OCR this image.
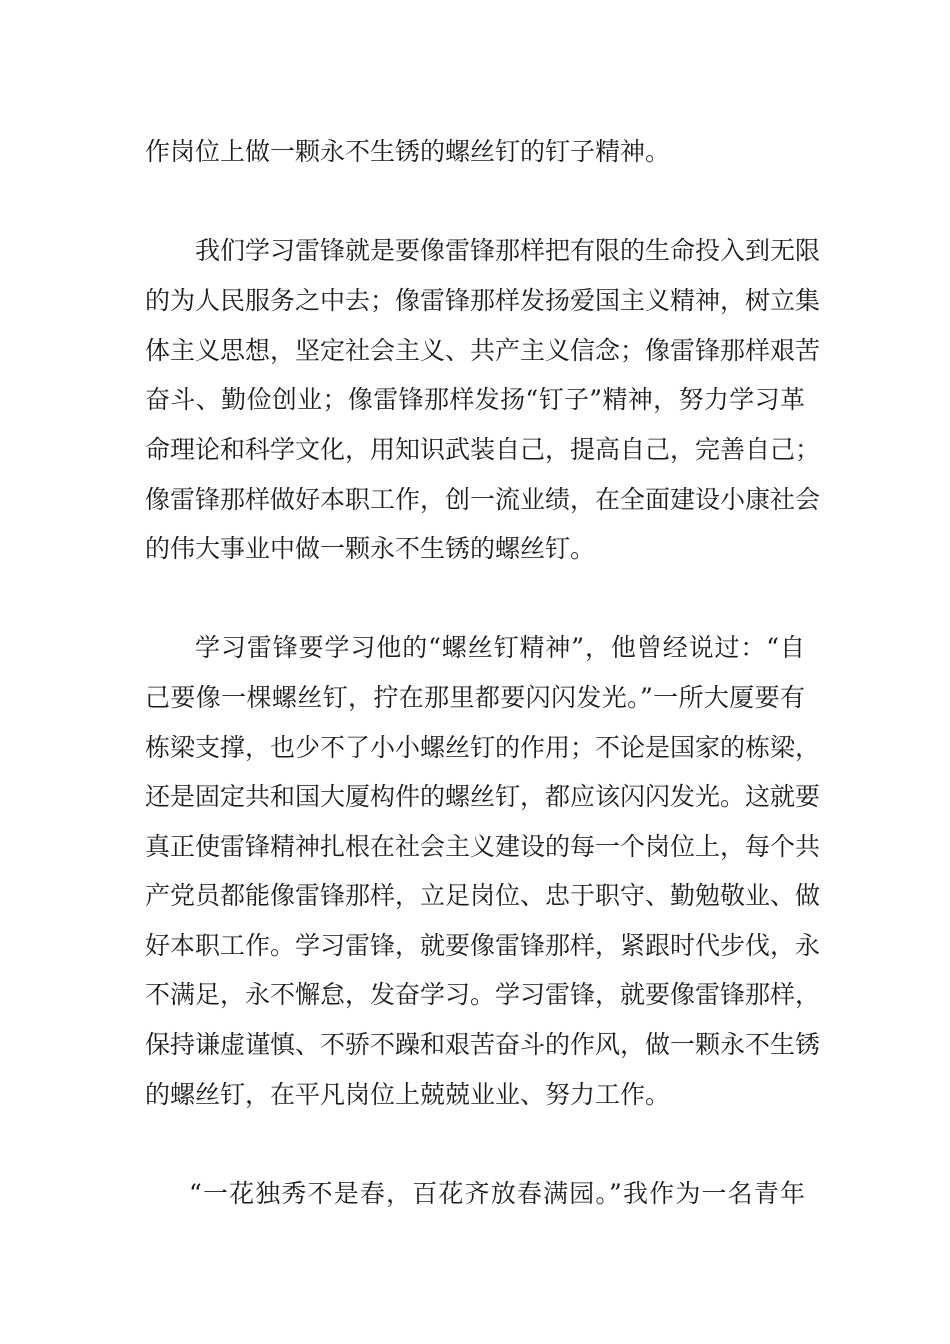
作岗位上做一颗永不生锈的螺丝钉的钉子精神。
我们学习雷锋就是要像雷锋那样把有限的生命投入到无限
的为人民服务之中去；像雷锋那样发扬爱国主义精神，树立集
体主义思想，坚定社会主义、共产主义信念；像雷锋那样艰苦
奋斗、勤俭创业；像雷锋那样发扬“钉子”精神，努力学习革
命理论和科学文化，用知识武装自己，提高自己，完善自己；
像雷锋那样做好本职工作，创一流业绩，在全面建设小康社会
的伟大事业中做一颗永不生锈的螺丝钉。
学习雷锋要学习他的“螺丝钉精神”，他曾经说过：“自
己要像一棵螺丝钉，拧在那里都要闪闪发光。”一所大厦要有
栋梁支撑，也少不了小小螺丝钉的作用；不论是国家的栋梁，
还是固定共和国大厦构件的螺丝钉，都应该闪闪发光。这就要
真正使雷锋精神扎根在社会主义建设的每一个岗位上，每个共
产党员都能像雷锋那样，立足岗位、忠于职守、勤勉敬业、做
好本职工作。学习雷锋，就要像雷锋那样，紧跟时代步伐，永
不满足，永不懈怠，发奋学习。学习雷锋，就要像雷锋那样，
保持谦虚谨慎、不骄不躁和艰苦奋斗的作风，做一颗永不生锈
的螺丝钉，在平凡岗位上兢兢业业、努力工作。
“一花独秀不是春，百花齐放春满园。”我作为一名青年
